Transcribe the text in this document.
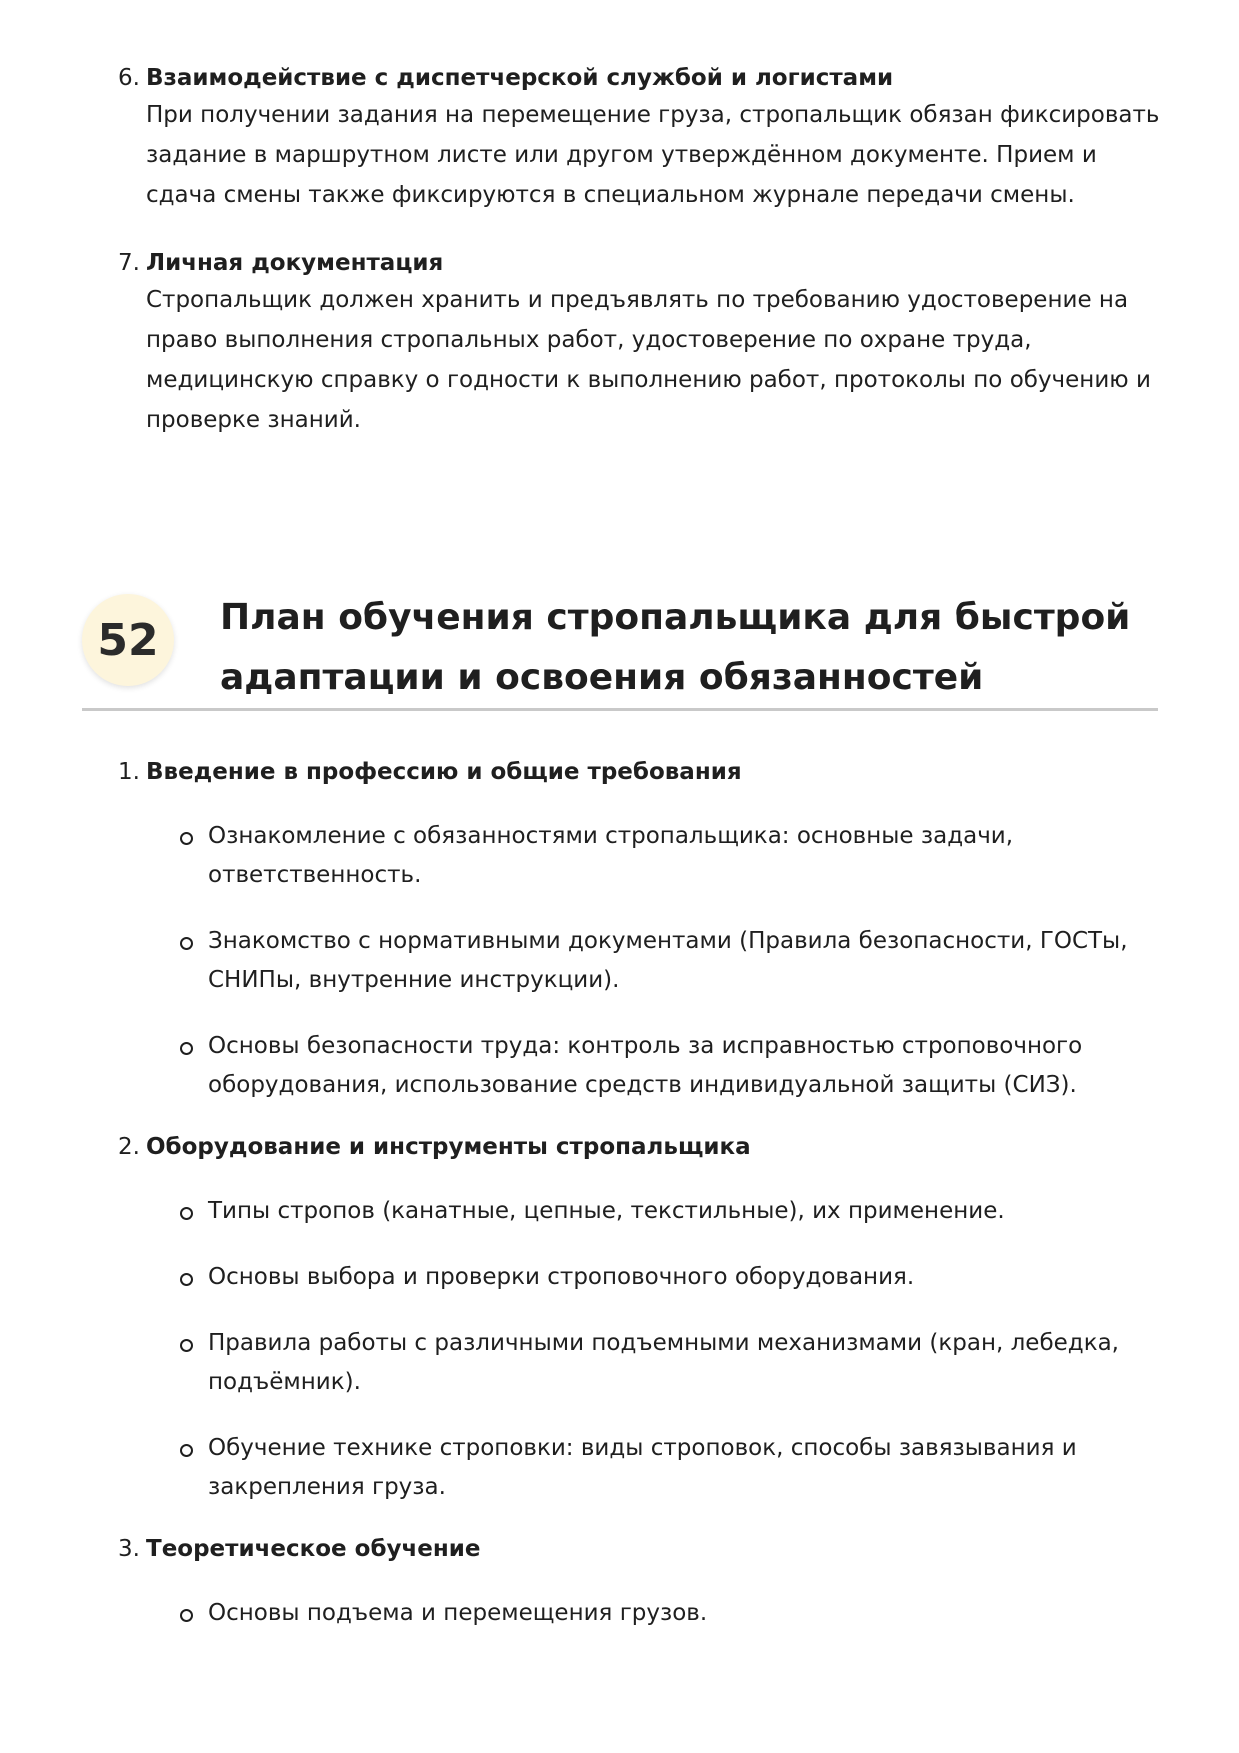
6. Взаимодействие с диспетчерской службой и логистами
При получении задания на перемещение груза, стропальщик обязан фиксировать задание в маршрутном листе или другом утверждённом документе. Прием и сдача смены также фиксируются в специальном журнале передачи смены.
7. Личная документация
Стропальщик должен хранить и предъявлять по требованию удостоверение на право выполнения стропальных работ, удостоверение по охране труда, медицинскую справку о годности к выполнению работ, протоколы по обучению и проверке знаний.
52	План обучения стропальщика для быстрой адаптации и освоения обязанностей
1. Введение в профессию и общие требования
Ознакомление с обязанностями стропальщика: основные задачи, ответственность.
Знакомство с нормативными документами (Правила безопасности, ГОСТы, СНИПы, внутренние инструкции).
Основы безопасности труда: контроль за исправностью строповочного оборудования, использование средств индивидуальной защиты (СИЗ).
2. Оборудование и инструменты стропальщика
Типы стропов (канатные, цепные, текстильные), их применение.
Основы выбора и проверки строповочного оборудования.
Правила работы с различными подъемными механизмами (кран, лебедка, подъёмник).
Обучение технике строповки: виды строповок, способы завязывания и закрепления груза.
3. Теоретическое обучение
Основы подъема и перемещения грузов.
